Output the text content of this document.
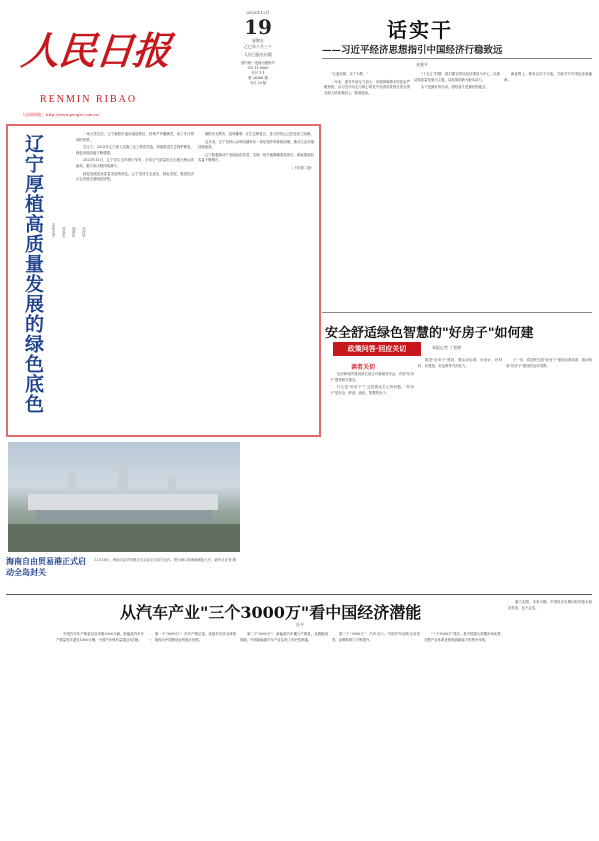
人民日报
RENMIN RIBAO
人民网网址：http://www.people.com.cn
2025年12月
19
星期五
乙巳年十月三十
人民日报社出版
国内统一连续出版物号
CN 11-0065
代号 1-1
第 26366 期
今日 20 版
辽宁厚植高质量发展的绿色底色 本报记者 刘成友 胡婧怡 刘佳华

一场大雪过后，辽宁朝阳市凌河湿地景区，枯黄芦苇覆满雪，成了冬日特别的风景。

在辽宁，2025年辽宁深入实施三北工程攻坚战，持续推进生态保护修复，绿色发展动能不断增强。

2025年11月，辽宁省生态环境厅发布，全省空气质量优良天数比例达到新高，重污染天数持续减少。

绿色发展是高质量发展的底色。辽宁坚持生态优先、绿色发展，推进经济社会发展全面绿色转型。

朝阳市北票市，层林叠翠。在生态修复区，昔日的荒山已经变成了绿洲。

近年来，辽宁坚持山水林田湖草沙一体化保护和系统治理，推动生态环境持续改善。

辽宁积极推动产业绿色化转型，实施一批节能降碳改造项目，新能源装机容量不断增长。

（下转第二版）

话实干
——习近平经济思想指引中国经济行稳致远
金观平

"大道至简，实干为要。"

一年来，面对外部压力加大、内部困难增多的复杂严峻形势，以习近平同志为核心的党中央团结带领全党全国各族人民迎难而上、锐意进取。

"十五五"时期，我们要坚持以经济建设为中心，以推动高质量发展为主题，以改革创新为根本动力。

实干是最好的行动，团结奋斗是最好的姿态。

新征程上，唯有以实干为笔，方能书写中国经济新篇章。

安全舒适绿色智慧的"好房子"如何建
本报记者 丁怡婷
政策问答·回应关切
读者关切

住房和城乡建设部日前召开新闻发布会，介绍"好房子"建设相关情况。

什么是"好房子"？这是群众关心的问题。"好房子"是安全、舒适、绿色、智慧的房子。

推进"好房子"建设，要从好标准、好设计、好材料、好建造、好运维等方面发力。

下一步，将加快完善"好房子"建设标准体系，推动形成"好房子"建设的良好氛围。

海南自由贸易港正式启动全岛封关
12月18日，海南自由贸易港正式启动全岛封关运作。图为海口新海港候船大厅。新华社记者 摄
从汽车产业"三个3000万"看中国经济潜能
任平

中国汽车年产销量双双突破3000万辆，新能源汽车年产销量首次超过1000万辆，中国汽车保有量超过3亿辆。

第一个"3000万"：汽车产销总量。连续多年居全球第一，展现出中国制造业的强大韧性。

第二个"3000万"：新能源汽车累计产销量。从跟跑到领跑，中国新能源汽车产业实现了历史性跨越。

第三个"3000万"：汽车出口。中国汽车加快走向世界，品牌影响力不断提升。

"三个3000万"背后，是中国超大规模市场优势、完整产业体系优势和创新能力的集中体现。

潜力无限，未来可期。中国经济长期向好的基本面没有变，也不会变。
